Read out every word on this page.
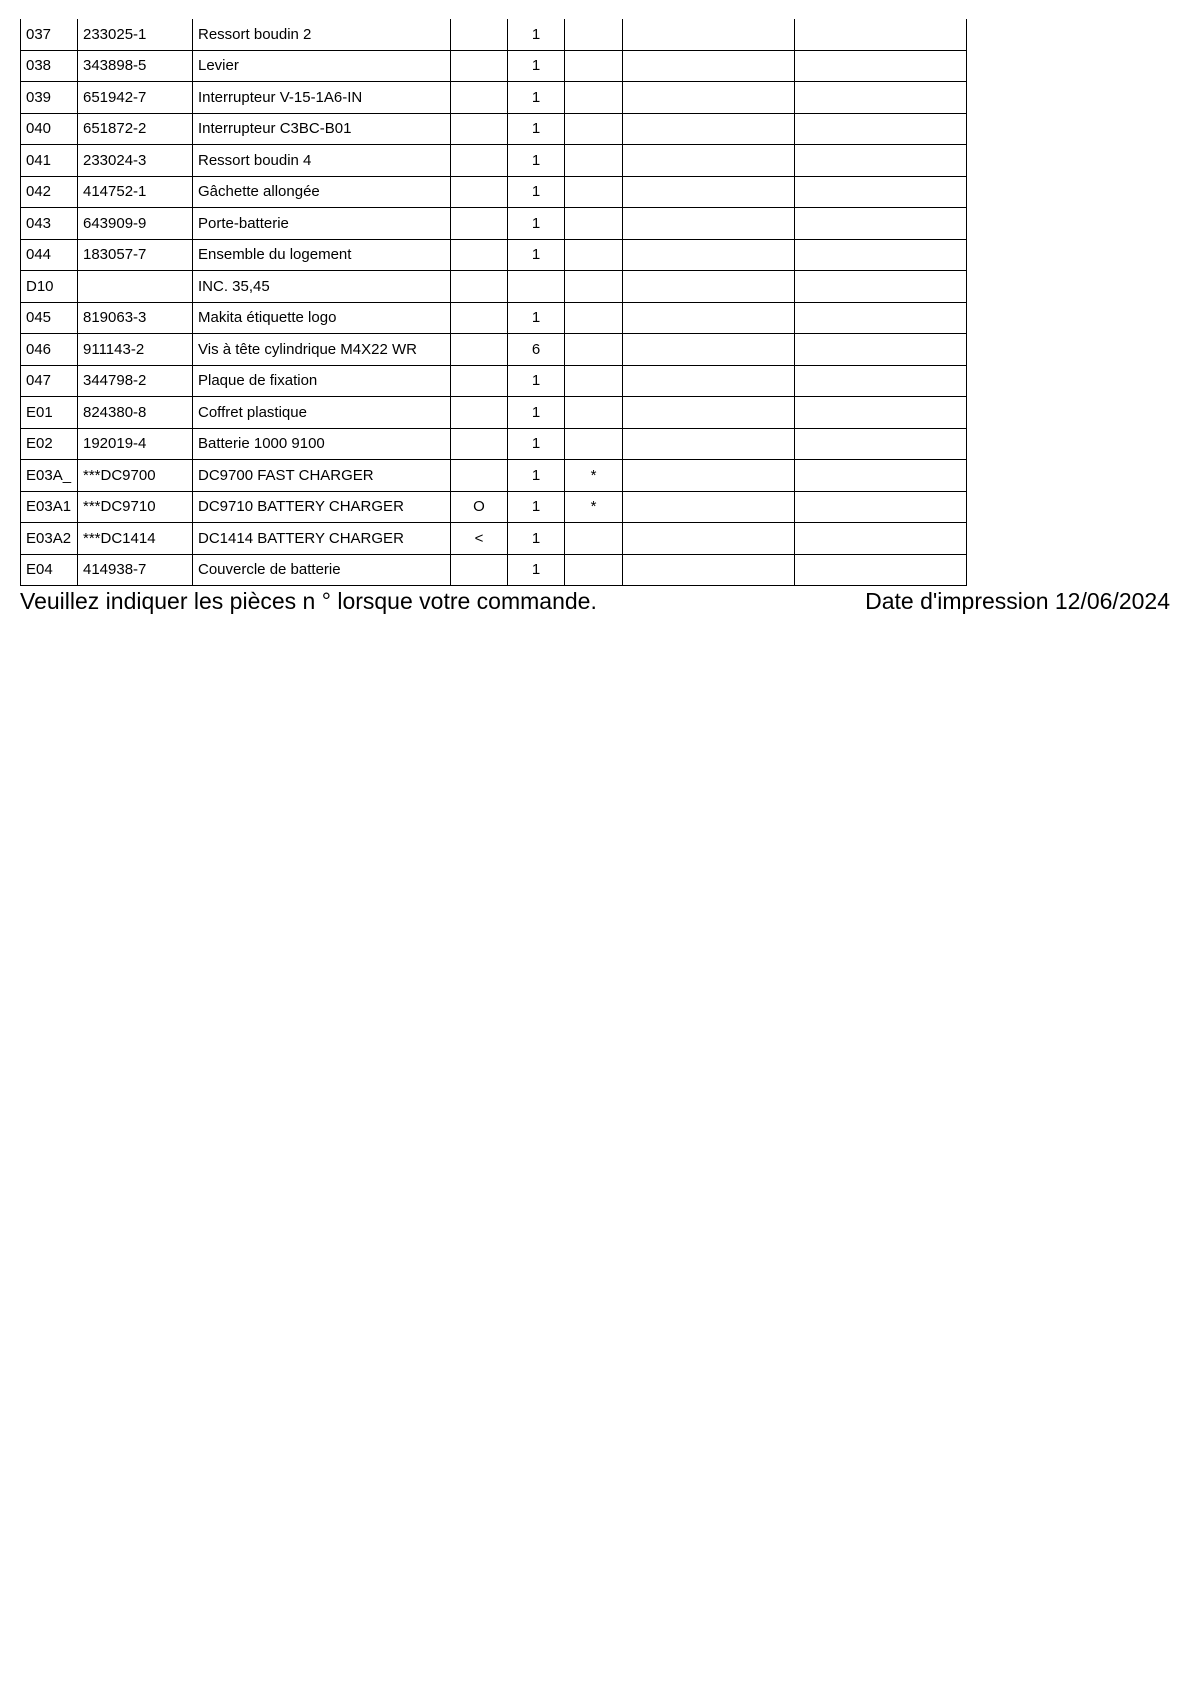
037	233025-1	Ressort boudin 2		1			
038	343898-5	Levier		1			
039	651942-7	Interrupteur V-15-1A6-IN		1			
040	651872-2	Interrupteur C3BC-B01		1			
041	233024-3	Ressort boudin 4		1			
042	414752-1	Gâchette allongée		1			
043	643909-9	Porte-batterie		1			
044	183057-7	Ensemble du logement		1			
D10		INC. 35,45					
045	819063-3	Makita étiquette logo		1			
046	911143-2	Vis à tête cylindrique M4X22 WR		6			
047	344798-2	Plaque de fixation		1			
E01	824380-8	Coffret plastique		1			
E02	192019-4	Batterie 1000 9100		1			
E03A_	***DC9700	DC9700 FAST CHARGER		1	*		
E03A1	***DC9710	DC9710 BATTERY CHARGER	O	1	*		
E03A2	***DC1414	DC1414 BATTERY CHARGER	<	1			
E04	414938-7	Couvercle de batterie		1			
Veuillez indiquer les pièces n ° lorsque votre commande.	Date d'impression 12/06/2024
